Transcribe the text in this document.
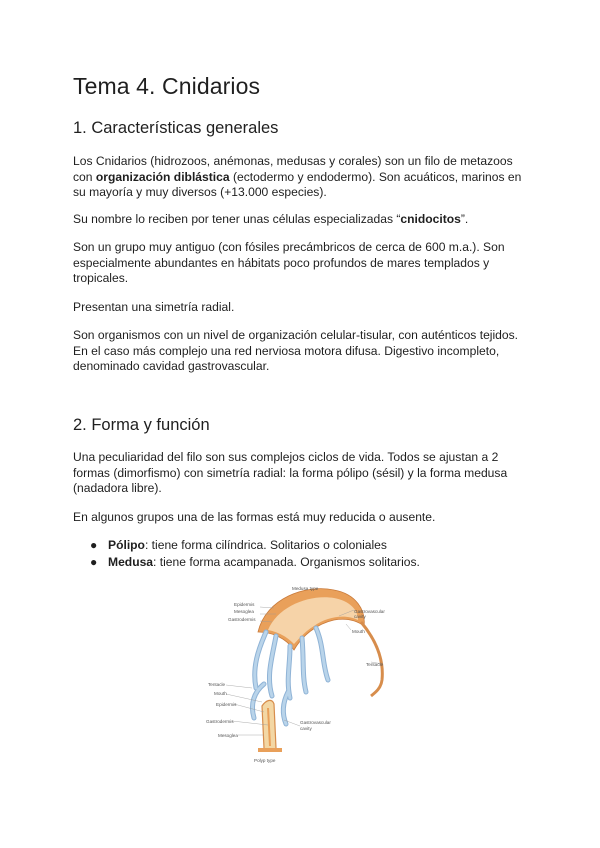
Tema 4. Cnidarios
1. Características generales

Los Cnidarios (hidrozoos, anémonas, medusas y corales) son un filo de metazoos con organización diblástica (ectodermo y endodermo). Son acuáticos, marinos en su mayoría y muy diversos (+13.000 especies).

Su nombre lo reciben por tener unas células especializadas “cnidocitos”.

Son un grupo muy antiguo (con fósiles precámbricos de cerca de 600 m.a.). Son especialmente abundantes en hábitats poco profundos de mares templados y tropicales.

Presentan una simetría radial.

Son organismos con un nivel de organización celular-tisular, con auténticos tejidos. En el caso más complejo una red nerviosa motora difusa. Digestivo incompleto, denominado cavidad gastrovascular.

2. Forma y función

Una peculiaridad del filo son sus complejos ciclos de vida. Todos se ajustan a 2 formas (dimorfismo) con simetría radial: la forma pólipo (sésil) y la forma medusa (nadadora libre).

En algunos grupos una de las formas está muy reducida o ausente.

● Pólipo: tiene forma cilíndrica. Solitarios o coloniales
● Medusa: tiene forma acampanada. Organismos solitarios.
Medusa type
Epidermis
Mesoglea
Gastrodermis
Gastrovascular
cavity
Mouth
Tentacle
Tentacle
Mouth
Epidermis
Gastrodermis
Mesoglea
Gastrovascular
cavity
Polyp type
